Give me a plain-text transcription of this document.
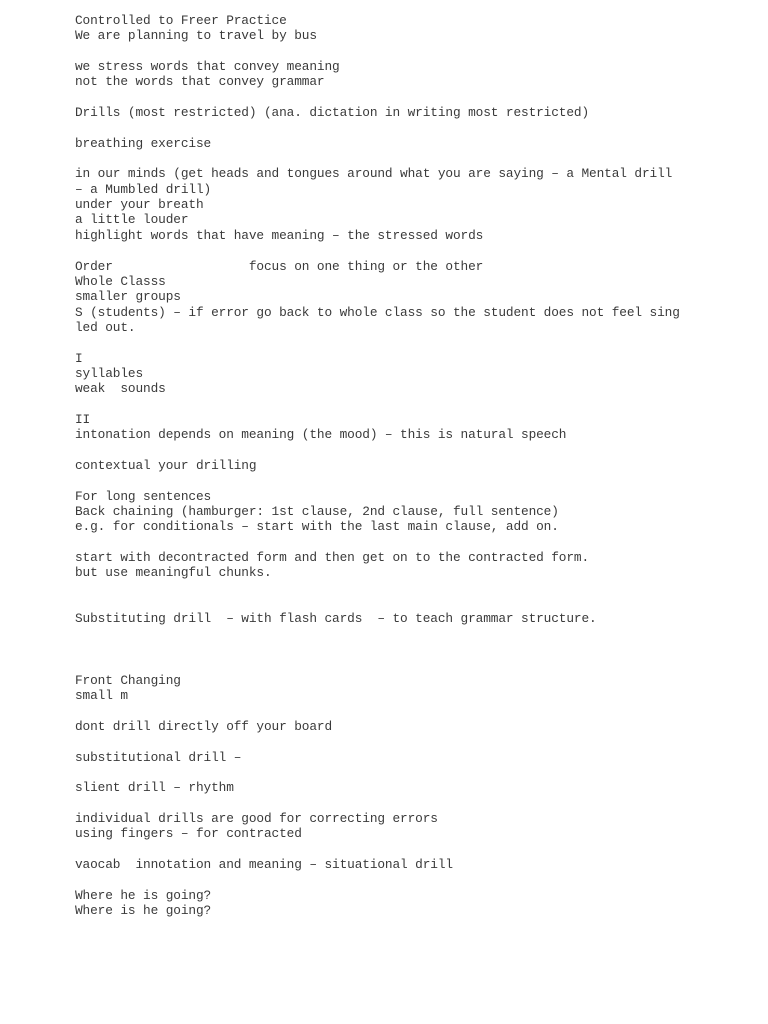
Controlled to Freer Practice
We are planning to travel by bus
we stress words that convey meaning
not the words that convey grammar
Drills (most restricted) (ana. dictation in writing most restricted)
breathing exercise
in our minds (get heads and tongues around what you are saying – a Mental drill
– a Mumbled drill)
under your breath
a little louder
highlight words that have meaning – the stressed words
Order                  focus on one thing or the other
Whole Classs
smaller groups
S (students) – if error go back to whole class so the student does not feel sing
led out.
I
syllables
weak  sounds
II
intonation depends on meaning (the mood) – this is natural speech
contextual your drilling
For long sentences
Back chaining (hamburger: 1st clause, 2nd clause, full sentence)
e.g. for conditionals – start with the last main clause, add on.
start with decontracted form and then get on to the contracted form.
but use meaningful chunks.
Substituting drill  – with flash cards  – to teach grammar structure.
Front Changing
small m
dont drill directly off your board
substitutional drill –
slient drill – rhythm
individual drills are good for correcting errors
using fingers – for contracted
vaocab  innotation and meaning – situational drill
Where he is going?
Where is he going?
